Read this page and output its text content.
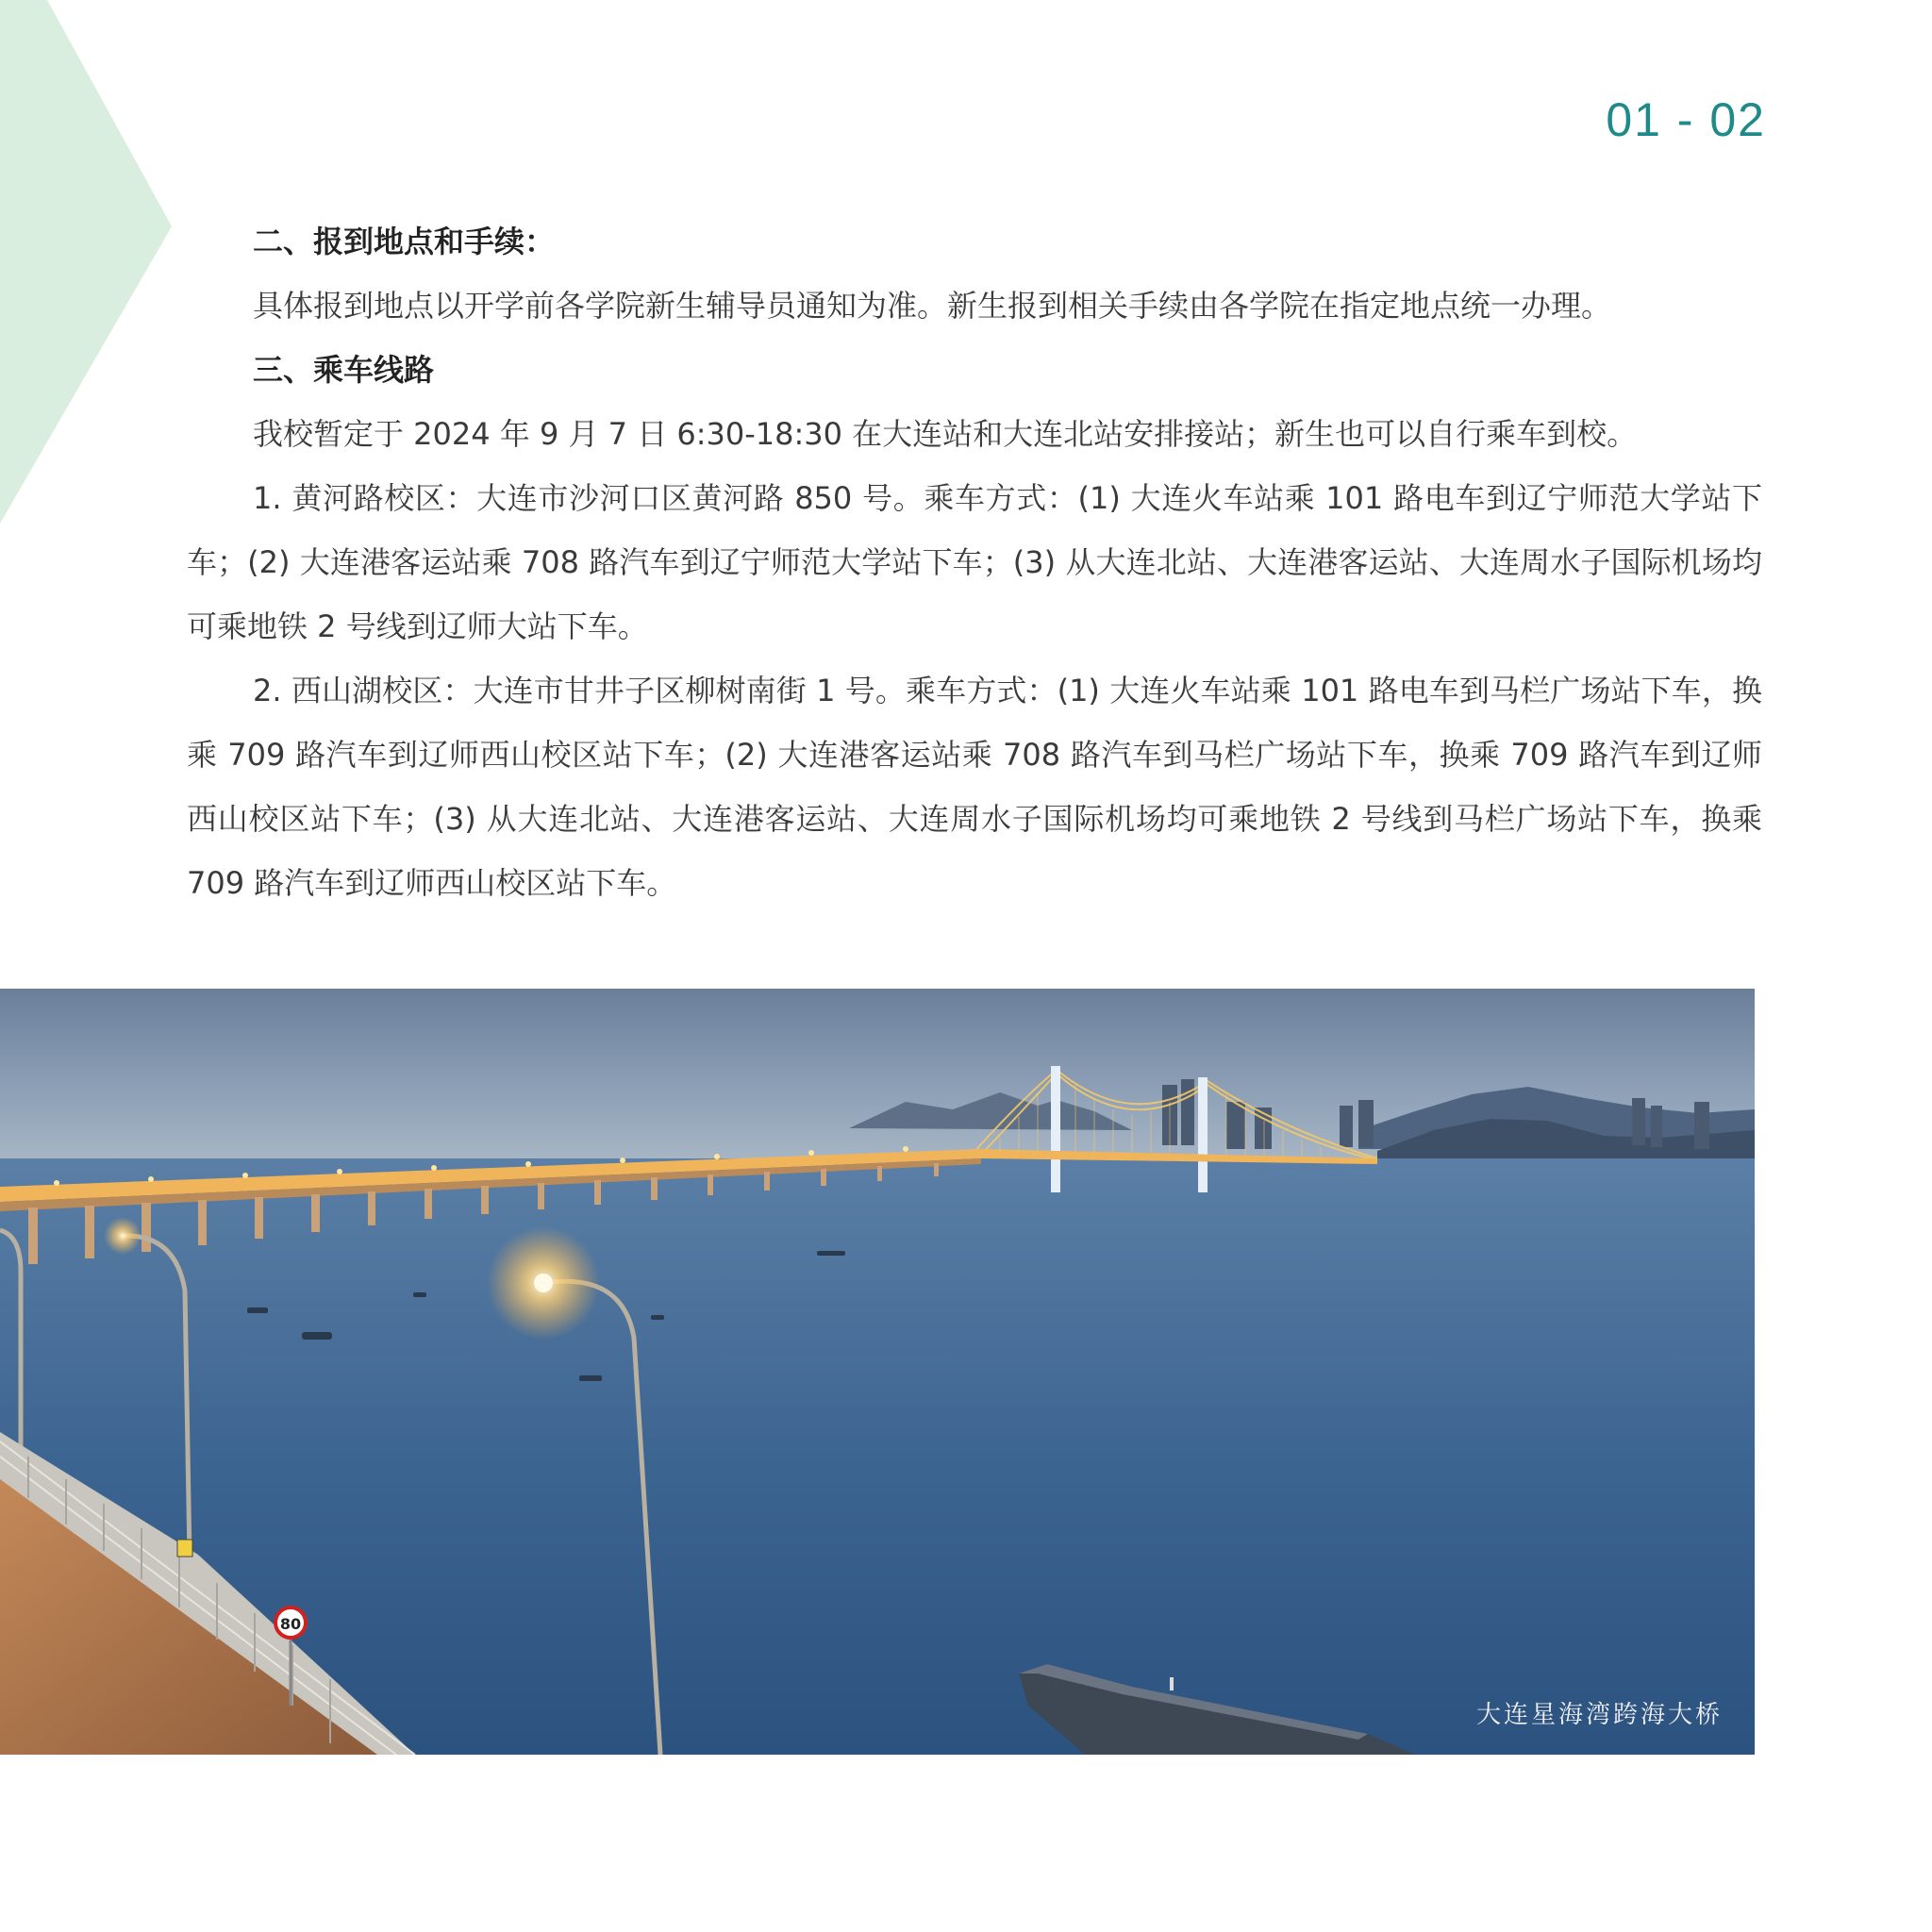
01 - 02

二、报到地点和手续：

具体报到地点以开学前各学院新生辅导员通知为准。新生报到相关手续由各学院在指定地点统一办理。

三、乘车线路

我校暂定于 2024 年 9 月 7 日 6:30-18:30 在大连站和大连北站安排接站；新生也可以自行乘车到校。

1. 黄河路校区：大连市沙河口区黄河路 850 号。乘车方式：(1) 大连火车站乘 101 路电车到辽宁师范大学站下车；(2) 大连港客运站乘 708 路汽车到辽宁师范大学站下车；(3) 从大连北站、大连港客运站、大连周水子国际机场均可乘地铁 2 号线到辽师大站下车。

2. 西山湖校区：大连市甘井子区柳树南街 1 号。乘车方式：(1) 大连火车站乘 101 路电车到马栏广场站下车，换乘 709 路汽车到辽师西山校区站下车；(2) 大连港客运站乘 708 路汽车到马栏广场站下车，换乘 709 路汽车到辽师西山校区站下车；(3) 从大连北站、大连港客运站、大连周水子国际机场均可乘地铁 2 号线到马栏广场站下车，换乘 709 路汽车到辽师西山校区站下车。

80
大连星海湾跨海大桥
